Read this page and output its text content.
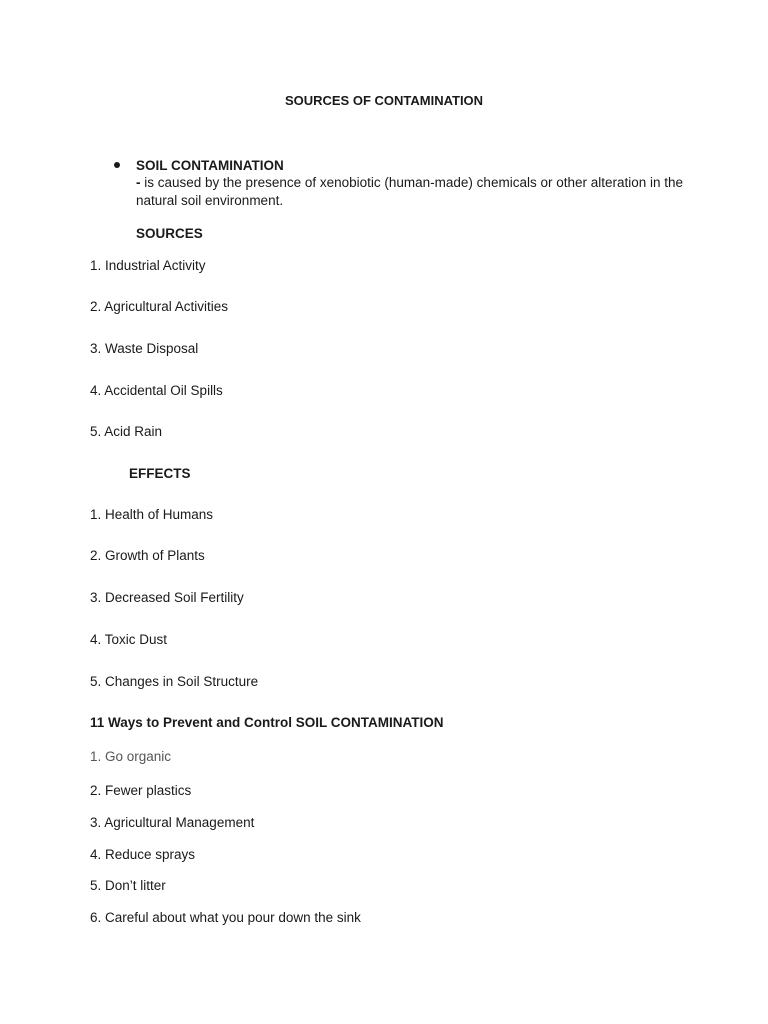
SOURCES OF CONTAMINATION
SOIL CONTAMINATION
- is caused by the presence of xenobiotic (human-made) chemicals or other alteration in the natural soil environment.
SOURCES
1. Industrial Activity
2. Agricultural Activities
3. Waste Disposal
4. Accidental Oil Spills
5. Acid Rain
EFFECTS
1. Health of Humans
2. Growth of Plants
3. Decreased Soil Fertility
4. Toxic Dust
5. Changes in Soil Structure
11 Ways to Prevent and Control SOIL CONTAMINATION
1. Go organic
2. Fewer plastics
3. Agricultural Management
4. Reduce sprays
5. Don’t litter
6. Careful about what you pour down the sink
